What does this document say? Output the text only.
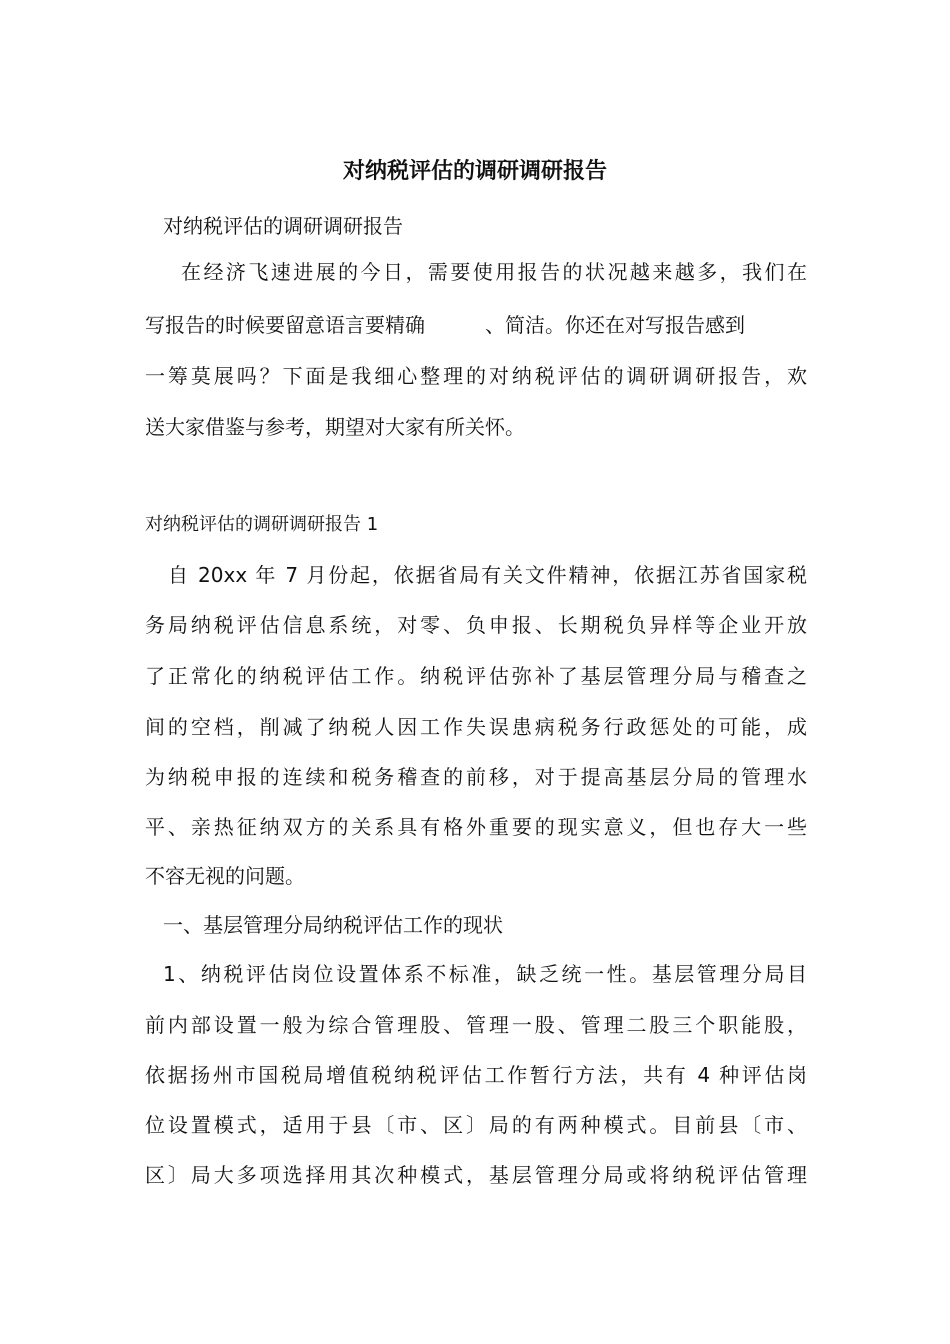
对纳税评估的调研调研报告
对纳税评估的调研调研报告
在经济飞速进展的今日，需要使用报告的状况越来越多，我们在
写报告的时候要留意语言要精确　　　、简洁。你还在对写报告感到
一筹莫展吗？下面是我细心整理的对纳税评估的调研调研报告，欢
送大家借鉴与参考，期望对大家有所关怀。
对纳税评估的调研调研报告 1
自 20xx 年 7 月份起，依据省局有关文件精神，依据江苏省国家税
务局纳税评估信息系统，对零、负申报、长期税负异样等企业开放
了正常化的纳税评估工作。纳税评估弥补了基层管理分局与稽查之
间的空档，削减了纳税人因工作失误患病税务行政惩处的可能，成
为纳税申报的连续和税务稽查的前移，对于提高基层分局的管理水
平、亲热征纳双方的关系具有格外重要的现实意义，但也存大一些
不容无视的问题。
一、基层管理分局纳税评估工作的现状
1、纳税评估岗位设置体系不标准，缺乏统一性。基层管理分局目
前内部设置一般为综合管理股、管理一股、管理二股三个职能股，
依据扬州市国税局增值税纳税评估工作暂行方法，共有 4 种评估岗
位设置模式，适用于县〔市、区〕局的有两种模式。目前县〔市、
区〕局大多项选择用其次种模式，基层管理分局或将纳税评估管理
